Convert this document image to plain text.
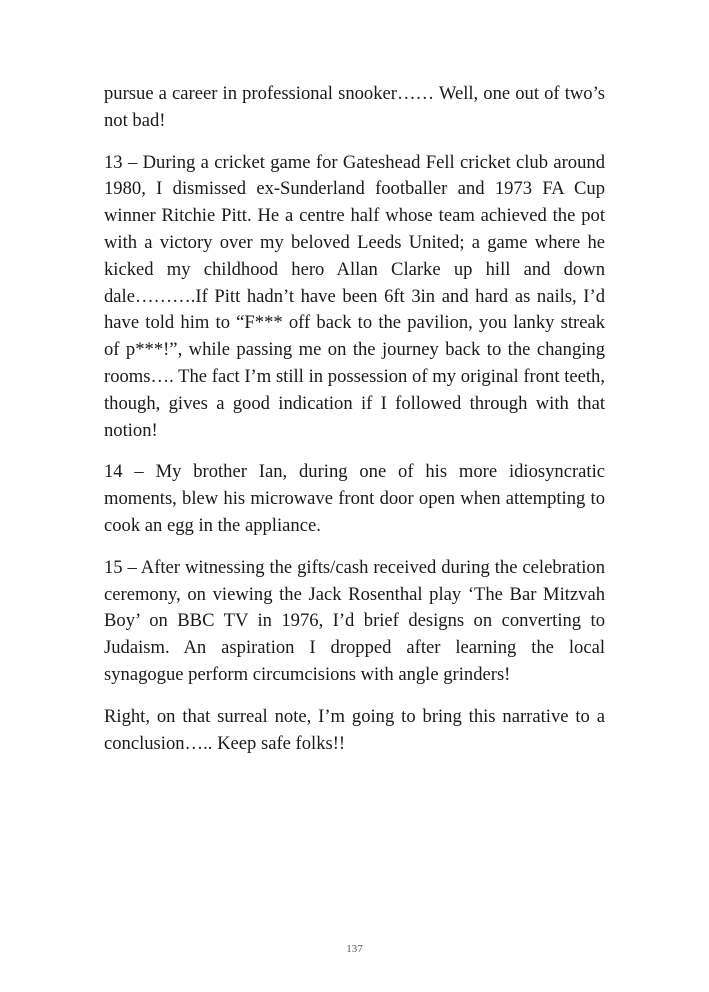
pursue a career in professional snooker…… Well, one out of two’s not bad!

13 – During a cricket game for Gateshead Fell cricket club around 1980, I dismissed ex-Sunderland footballer and 1973 FA Cup winner Ritchie Pitt. He a centre half whose team achieved the pot with a victory over my beloved Leeds United; a game where he kicked my childhood hero Allan Clarke up hill and down dale……….If Pitt hadn’t have been 6ft 3in and hard as nails, I’d have told him to “F*** off back to the pavilion, you lanky streak of p***!”, while passing me on the journey back to the changing rooms…. The fact I’m still in possession of my original front teeth, though, gives a good indication if I followed through with that notion!

14 – My brother Ian, during one of his more idiosyncratic moments, blew his microwave front door open when attempting to cook an egg in the appliance.

15 – After witnessing the gifts/cash received during the celebration ceremony, on viewing the Jack Rosenthal play ‘The Bar Mitzvah Boy’ on BBC TV in 1976, I’d brief designs on converting to Judaism. An aspiration I dropped after learning the local synagogue perform circumcisions with angle grinders!

Right, on that surreal note, I’m going to bring this narrative to a conclusion….. Keep safe folks!!

137
